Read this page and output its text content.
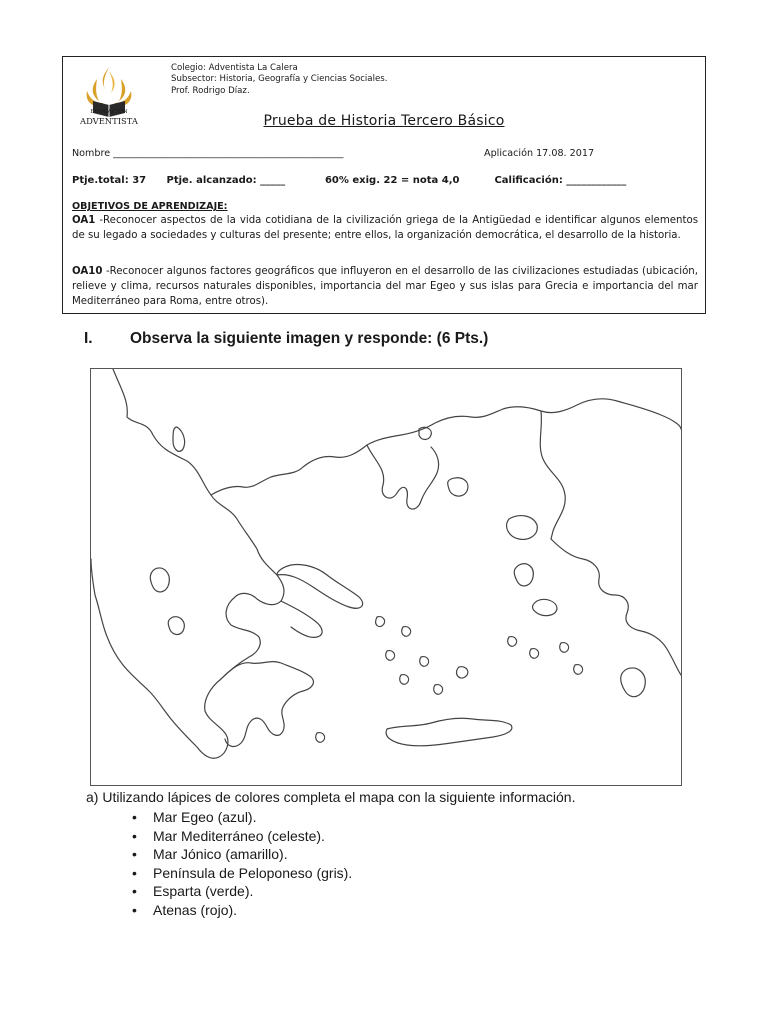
EDUCACIÓN
ADVENTISTA
Colegio: Adventista La Calera
Subsector: Historia, Geografía y Ciencias Sociales.
Prof. Rodrigo Díaz.
Prueba de Historia Tercero Básico
Nombre ________________________________________________	Aplicación 17.08. 2017
Ptje.total: 37 Ptje. alcanzado: _____	60% exig. 22 = nota 4,0	Calificación: ____________
OBJETIVOS DE APRENDIZAJE:
OA1 -Reconocer aspectos de la vida cotidiana de la civilización griega de la Antigüedad e identificar algunos elementos de su legado a sociedades y culturas del presente; entre ellos, la organización democrática, el desarrollo de la historia.
OA10 -Reconocer algunos factores geográficos que influyeron en el desarrollo de las civilizaciones estudiadas (ubicación, relieve y clima, recursos naturales disponibles, importancia del mar Egeo y sus islas para Grecia e importancia del mar Mediterráneo para Roma, entre otros).
I. Observa la siguiente imagen y responde: (6 Pts.)
a) Utilizando lápices de colores completa el mapa con la siguiente información.
• Mar Egeo (azul).
• Mar Mediterráneo (celeste).
• Mar Jónico (amarillo).
• Península de Peloponeso (gris).
• Esparta (verde).
• Atenas (rojo).
